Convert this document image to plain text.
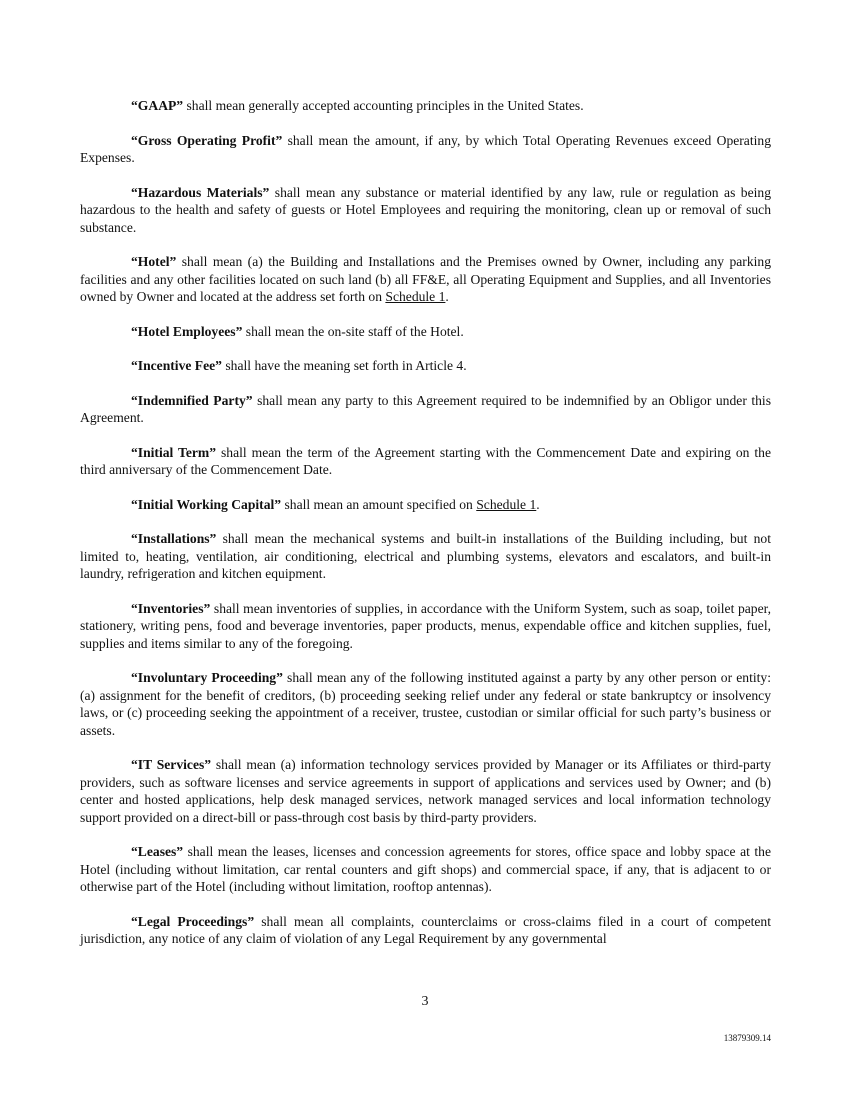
“GAAP” shall mean generally accepted accounting principles in the United States.

“Gross Operating Profit” shall mean the amount, if any, by which Total Operating Revenues exceed Operating Expenses.

“Hazardous Materials” shall mean any substance or material identified by any law, rule or regulation as being hazardous to the health and safety of guests or Hotel Employees and requiring the monitoring, clean up or removal of such substance.

“Hotel” shall mean (a) the Building and Installations and the Premises owned by Owner, including any parking facilities and any other facilities located on such land (b) all FF&E, all Operating Equipment and Supplies, and all Inventories owned by Owner and located at the address set forth on Schedule 1.

“Hotel Employees” shall mean the on-site staff of the Hotel.

“Incentive Fee” shall have the meaning set forth in Article 4.

“Indemnified Party” shall mean any party to this Agreement required to be indemnified by an Obligor under this Agreement.

“Initial Term” shall mean the term of the Agreement starting with the Commencement Date and expiring on the third anniversary of the Commencement Date.

“Initial Working Capital” shall mean an amount specified on Schedule 1.

“Installations” shall mean the mechanical systems and built-in installations of the Building including, but not limited to, heating, ventilation, air conditioning, electrical and plumbing systems, elevators and escalators, and built-in laundry, refrigeration and kitchen equipment.

“Inventories” shall mean inventories of supplies, in accordance with the Uniform System, such as soap, toilet paper, stationery, writing pens, food and beverage inventories, paper products, menus, expendable office and kitchen supplies, fuel, supplies and items similar to any of the foregoing.

“Involuntary Proceeding” shall mean any of the following instituted against a party by any other person or entity: (a) assignment for the benefit of creditors, (b) proceeding seeking relief under any federal or state bankruptcy or insolvency laws, or (c) proceeding seeking the appointment of a receiver, trustee, custodian or similar official for such party’s business or assets.

“IT Services” shall mean (a) information technology services provided by Manager or its Affiliates or third-party providers, such as software licenses and service agreements in support of applications and services used by Owner; and (b) center and hosted applications, help desk managed services, network managed services and local information technology support provided on a direct-bill or pass-through cost basis by third-party providers.

“Leases” shall mean the leases, licenses and concession agreements for stores, office space and lobby space at the Hotel (including without limitation, car rental counters and gift shops) and commercial space, if any, that is adjacent to or otherwise part of the Hotel (including without limitation, rooftop antennas).

“Legal Proceedings” shall mean all complaints, counterclaims or cross-claims filed in a court of competent jurisdiction, any notice of any claim of violation of any Legal Requirement by any governmental

3
13879309.14
